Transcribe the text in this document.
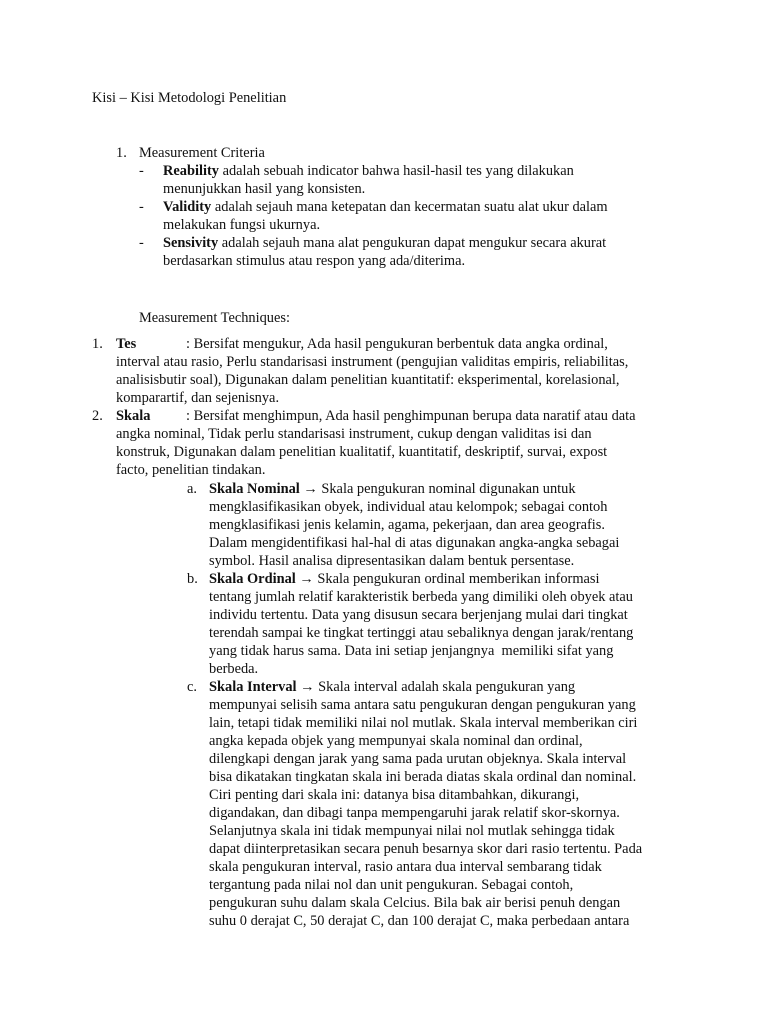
Kisi – Kisi Metodologi Penelitian
1. Measurement Criteria
- Reability adalah sebuah indicator bahwa hasil-hasil tes yang dilakukan
menunjukkan hasil yang konsisten.
- Validity adalah sejauh mana ketepatan dan kecermatan suatu alat ukur dalam
melakukan fungsi ukurnya.
- Sensivity adalah sejauh mana alat pengukuran dapat mengukur secara akurat
berdasarkan stimulus atau respon yang ada/diterima.
Measurement Techniques:
1. Tes	: Bersifat mengukur, Ada hasil pengukuran berbentuk data angka ordinal,
interval atau rasio, Perlu standarisasi instrument (pengujian validitas empiris, reliabilitas,
analisisbutir soal), Digunakan dalam penelitian kuantitatif: eksperimental, korelasional,
komparartif, dan sejenisnya.
2. Skala : Bersifat menghimpun, Ada hasil penghimpunan berupa data naratif atau data
angka nominal, Tidak perlu standarisasi instrument, cukup dengan validitas isi dan
konstruk, Digunakan dalam penelitian kualitatif, kuantitatif, deskriptif, survai, expost
facto, penelitian tindakan.
a. Skala Nominal → Skala pengukuran nominal digunakan untuk
mengklasifikasikan obyek, individual atau kelompok; sebagai contoh
mengklasifikasi jenis kelamin, agama, pekerjaan, dan area geografis.
Dalam mengidentifikasi hal-hal di atas digunakan angka-angka sebagai
symbol. Hasil analisa dipresentasikan dalam bentuk persentase.
b. Skala Ordinal → Skala pengukuran ordinal memberikan informasi
tentang jumlah relatif karakteristik berbeda yang dimiliki oleh obyek atau
individu tertentu. Data yang disusun secara berjenjang mulai dari tingkat
terendah sampai ke tingkat tertinggi atau sebaliknya dengan jarak/rentang
yang tidak harus sama. Data ini setiap jenjangnya  memiliki sifat yang
berbeda.
c. Skala Interval → Skala interval adalah skala pengukuran yang
mempunyai selisih sama antara satu pengukuran dengan pengukuran yang
lain, tetapi tidak memiliki nilai nol mutlak. Skala interval memberikan ciri
angka kepada objek yang mempunyai skala nominal dan ordinal,
dilengkapi dengan jarak yang sama pada urutan objeknya. Skala interval
bisa dikatakan tingkatan skala ini berada diatas skala ordinal dan nominal.
Ciri penting dari skala ini: datanya bisa ditambahkan, dikurangi,
digandakan, dan dibagi tanpa mempengaruhi jarak relatif skor-skornya.
Selanjutnya skala ini tidak mempunyai nilai nol mutlak sehingga tidak
dapat diinterpretasikan secara penuh besarnya skor dari rasio tertentu. Pada
skala pengukuran interval, rasio antara dua interval sembarang tidak
tergantung pada nilai nol dan unit pengukuran. Sebagai contoh,
pengukuran suhu dalam skala Celcius. Bila bak air berisi penuh dengan
suhu 0 derajat C, 50 derajat C, dan 100 derajat C, maka perbedaan antara
